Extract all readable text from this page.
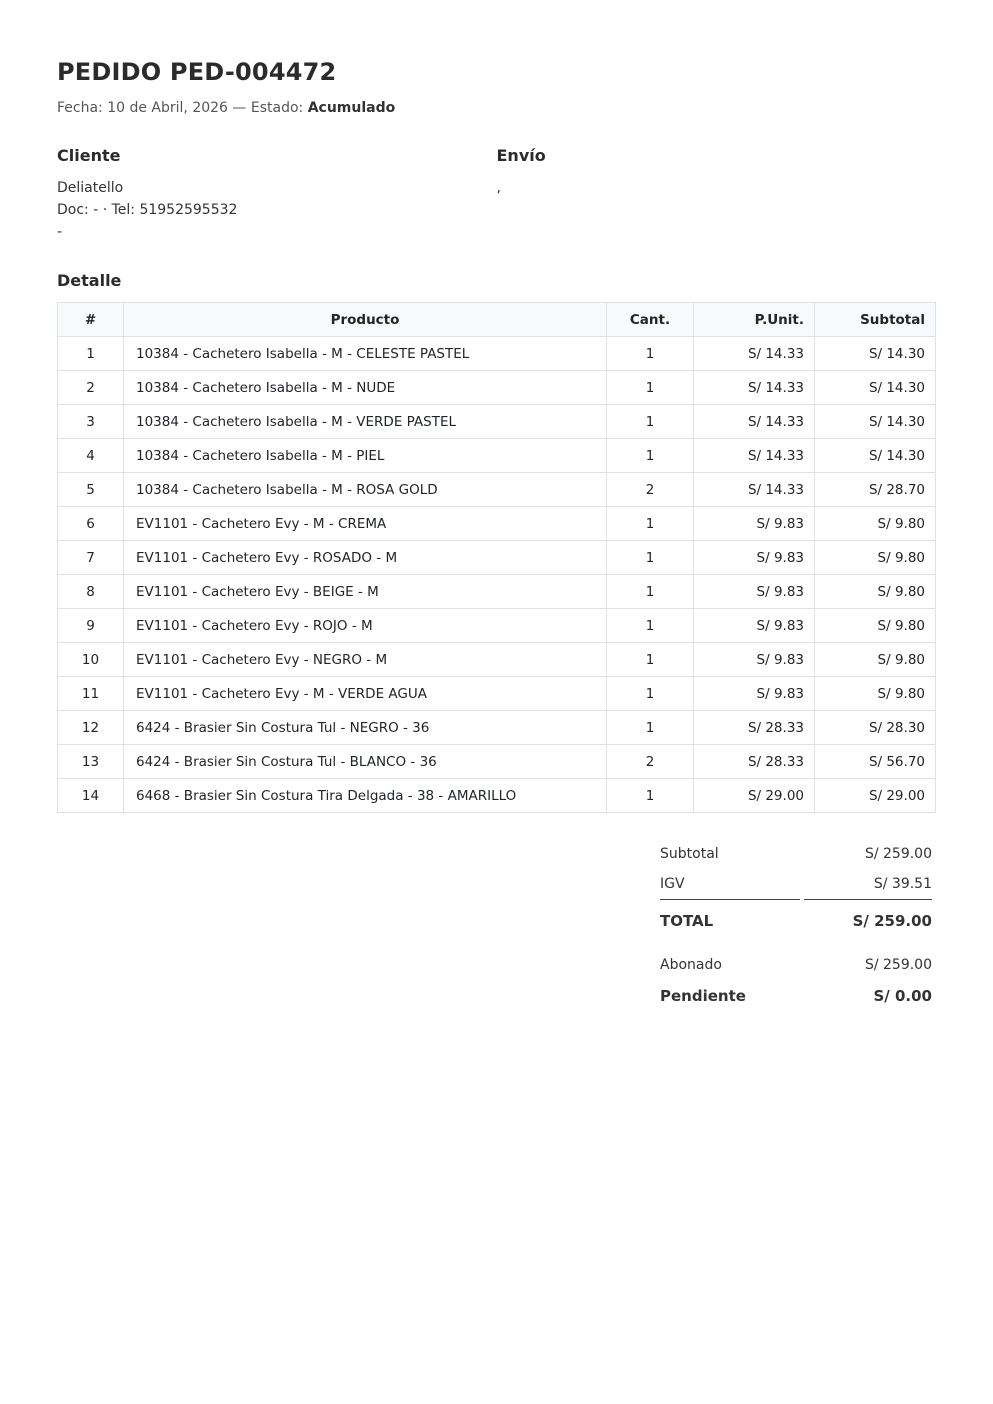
PEDIDO PED-004472
Fecha: 10 de Abril, 2026 — Estado: Acumulado
Cliente
Deliatello
Doc: - · Tel: 51952595532
-
Envío
,
Detalle
#	Producto	Cant.	P.Unit.	Subtotal
1	10384 - Cachetero Isabella - M - CELESTE PASTEL	1	S/ 14.33	S/ 14.30
2	10384 - Cachetero Isabella - M - NUDE	1	S/ 14.33	S/ 14.30
3	10384 - Cachetero Isabella - M - VERDE PASTEL	1	S/ 14.33	S/ 14.30
4	10384 - Cachetero Isabella - M - PIEL	1	S/ 14.33	S/ 14.30
5	10384 - Cachetero Isabella - M - ROSA GOLD	2	S/ 14.33	S/ 28.70
6	EV1101 - Cachetero Evy - M - CREMA	1	S/ 9.83	S/ 9.80
7	EV1101 - Cachetero Evy - ROSADO - M	1	S/ 9.83	S/ 9.80
8	EV1101 - Cachetero Evy - BEIGE - M	1	S/ 9.83	S/ 9.80
9	EV1101 - Cachetero Evy - ROJO - M	1	S/ 9.83	S/ 9.80
10	EV1101 - Cachetero Evy - NEGRO - M	1	S/ 9.83	S/ 9.80
11	EV1101 - Cachetero Evy - M - VERDE AGUA	1	S/ 9.83	S/ 9.80
12	6424 - Brasier Sin Costura Tul - NEGRO - 36	1	S/ 28.33	S/ 28.30
13	6424 - Brasier Sin Costura Tul - BLANCO - 36	2	S/ 28.33	S/ 56.70
14	6468 - Brasier Sin Costura Tira Delgada - 38 - AMARILLO	1	S/ 29.00	S/ 29.00
Subtotal	S/ 259.00
IGV	S/ 39.51
TOTAL	S/ 259.00

Abonado	S/ 259.00
Pendiente	S/ 0.00
